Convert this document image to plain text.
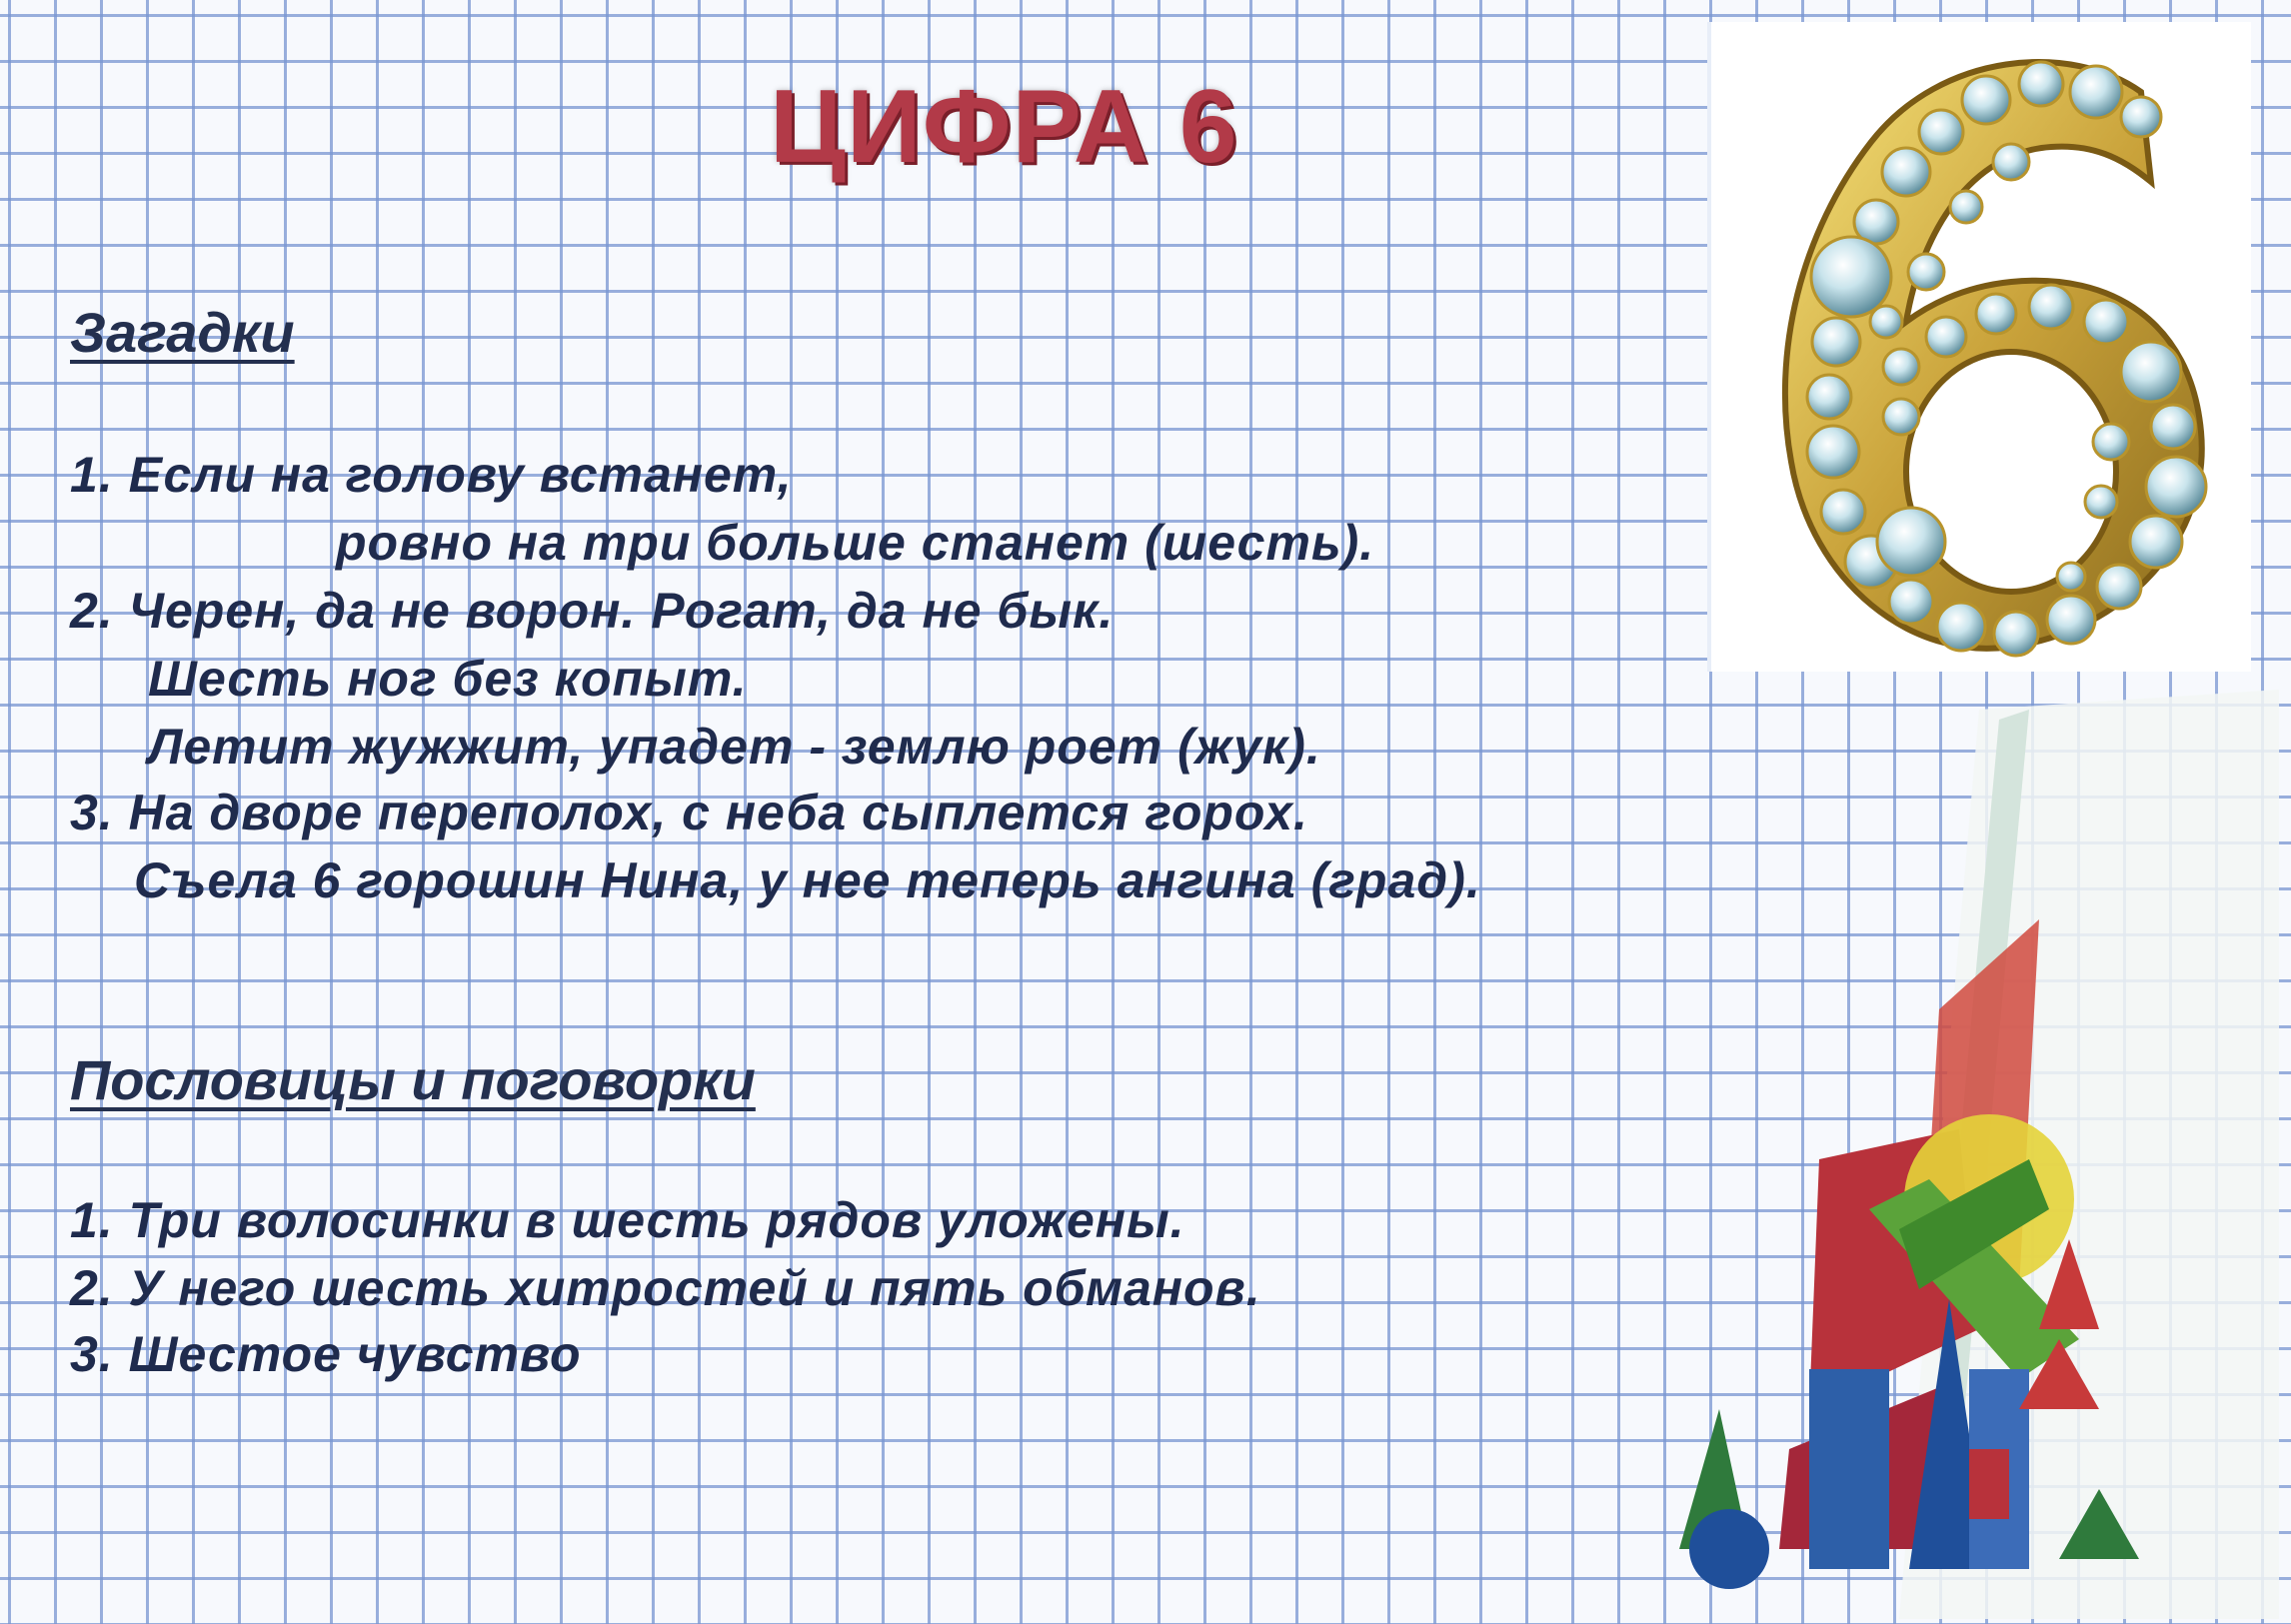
ЦИФРА 6
Загадки

1. Если на голову встанет,

ровно на три больше станет (шесть).

2. Черен, да не ворон. Рогат, да не бык.

Шесть ног без копыт.

Летит жужжит, упадет - землю роет (жук).

3. На дворе переполох, с неба сыплется горох.

Съела 6 горошин Нина, у нее теперь ангина (град).

Пословицы и поговорки

1. Три волосинки в шесть рядов уложены.

2. У него шесть хитростей и пять обманов.

3. Шестое чувство
